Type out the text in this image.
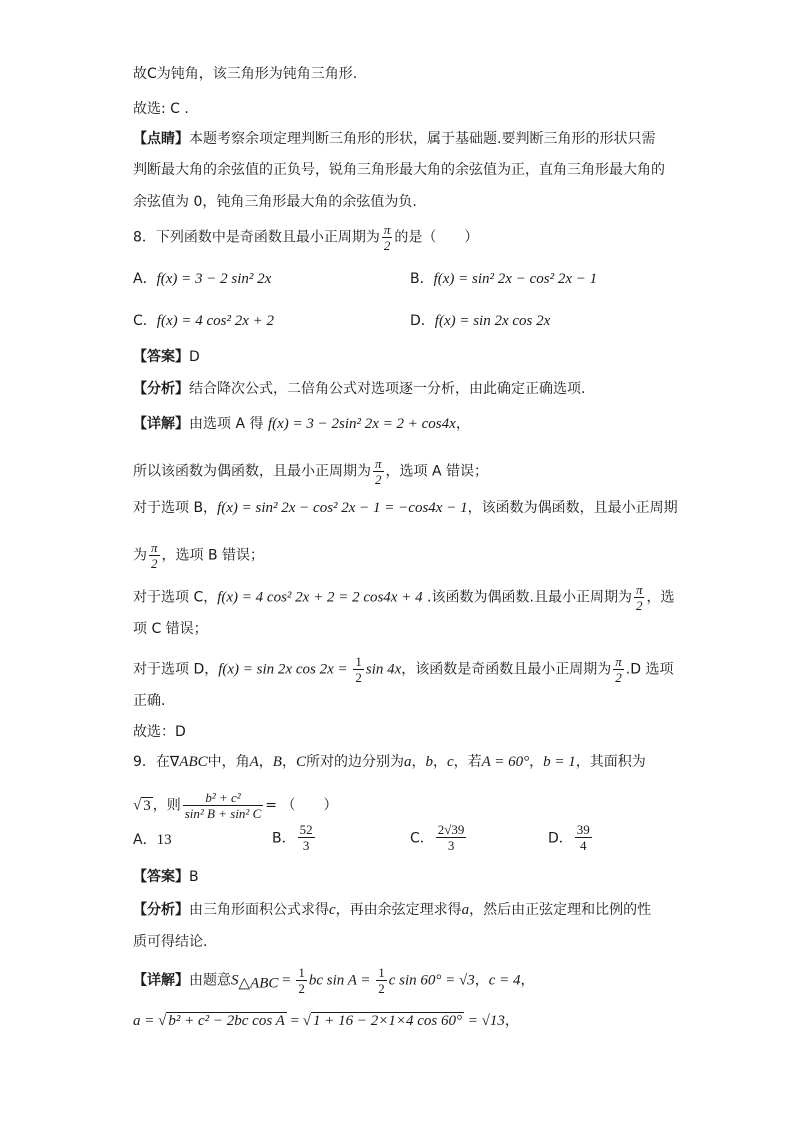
故C为钝角，该三角形为钝角三角形.
故选: C .
【点睛】本题考察余项定理判断三角形的形状，属于基础题.要判断三角形的形状只需
判断最大角的余弦值的正负号，锐角三角形最大角的余弦值为正，直角三角形最大角的
余弦值为 0，钝角三角形最大角的余弦值为负.
8．下列函数中是奇函数且最小正周期为 $\frac{\pi}{2}$ 的是（　　）
A．f(x) = 3 − 2 sin² 2x	B．f(x) = sin² 2x − cos² 2x − 1
C．f(x) = 4 cos² 2x + 2	D．f(x) = sin 2x cos 2x
【答案】D
【分析】结合降次公式，二倍角公式对选项逐一分析，由此确定正确选项.
【详解】由选项 A 得 f(x) = 3 − 2sin² 2x = 2 + cos4x，
所以该函数为偶函数，且最小正周期为 $\frac{\pi}{2}$ ，选项 A 错误；
对于选项 B，f(x) = sin² 2x − cos² 2x − 1 = −cos4x − 1，该函数为偶函数，且最小正周期
为 $\frac{\pi}{2}$ ，选项 B 错误；
对于选项 C，f(x) = 4 cos² 2x + 2 = 2 cos4x + 4 .该函数为偶函数.且最小正周期为 $\frac{\pi}{2}$ ，选
项 C 错误；
对于选项 D，f(x) = sin 2x $\cos 2x = \frac{1}{2}$ sin 4x，该函数是奇函数且最小正周期为 $\frac{\pi}{2} .D$ 选项
正确.
故选：D
9．在∇ABC中，角A，B，C所对的边分别为a，b，c，若A = 60°，b = 1，其面积为
√ 3 ，则 $\frac{\text{b² + c²}}{\text{sin² B + sin² C}}$ = （　　）
A．13	B． $\frac{52}{3}$	C． $\frac{2√39}{3}$	D． $\frac{39}{4}$
【答案】B
【分析】由三角形面积公式求得c，再由余弦定理求得a，然后由正弦定理和比例的性
质可得结论．
【详解】由题意$S_{\triangle ABC} = \frac{1}{2}$ bc $\sin A = \frac{1}{2}$ c sin 60° = √3，c = 4，
a = √ b² + c² − 2bc cos A = √ 1 + 16 − 2×1×4 cos 60° = √13，
